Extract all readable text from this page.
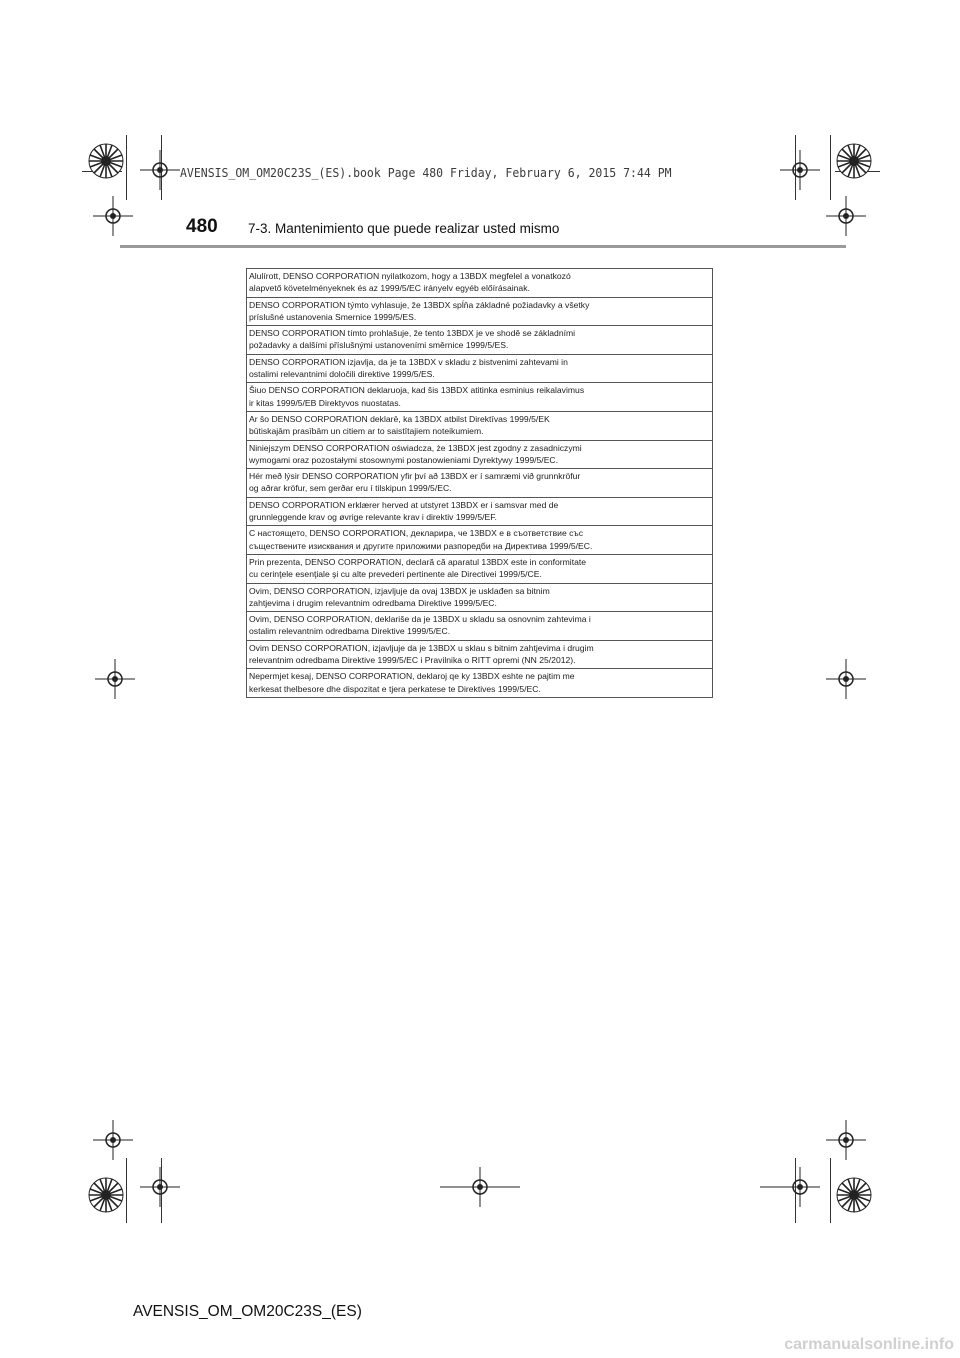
AVENSIS_OM_OM20C23S_(ES).book Page 480 Friday, February 6, 2015 7:44 PM
480 7-3. Mantenimiento que puede realizar usted mismo
Alulírott, DENSO CORPORATION nyilatkozom, hogy a 13BDX megfelel a vonatkozó
alapvető követelményeknek és az 1999/5/EC irányelv egyéb előírásainak.

DENSO CORPORATION týmto vyhlasuje, že 13BDX spĺňa základné požiadavky a všetky
príslušné ustanovenia Smernice 1999/5/ES.

DENSO CORPORATION tímto prohlašuje, že tento 13BDX je ve shodě se základními
požadavky a dalšími příslušnými ustanoveními směrnice 1999/5/ES.

DENSO CORPORATION izjavlja, da je ta 13BDX v skladu z bistvenimi zahtevami in
ostalimi relevantnimi določili direktive 1999/5/ES.

Šiuo DENSO CORPORATION deklaruoja, kad šis 13BDX atitinka esminius reikalavimus
ir kitas 1999/5/EB Direktyvos nuostatas.

Ar šo DENSO CORPORATION deklarē, ka 13BDX atbilst Direktīvas 1999/5/EK
būtiskajām prasībām un citiem ar to saistītajiem noteikumiem.

Niniejszym DENSO CORPORATION oświadcza, że 13BDX jest zgodny z zasadniczymi
wymogami oraz pozostałymi stosownymi postanowieniami Dyrektywy 1999/5/EC.

Hér með lýsir DENSO CORPORATION yfir því að 13BDX er í samræmi við grunnkröfur
og aðrar kröfur, sem gerðar eru í tilskipun 1999/5/EC.

DENSO CORPORATION erklærer herved at utstyret 13BDX er i samsvar med de
grunnleggende krav og øvrige relevante krav i direktiv 1999/5/EF.

С настоящето, DENSO CORPORATION, декларира, че 13BDX е в съответствие със
съществените изисквания и другите приложими разпоредби на Директива 1999/5/EC.

Prin prezenta, DENSO CORPORATION, declară că aparatul 13BDX este in conformitate
cu cerinţele esenţiale şi cu alte prevederi pertinente ale Directivei 1999/5/CE.

Ovim, DENSO CORPORATION, izjavljuje da ovaj 13BDX je usklađen sa bitnim
zahtjevima i drugim relevantnim odredbama Direktive 1999/5/EC.

Ovim, DENSO CORPORATION, deklariše da je 13BDX u skladu sa osnovnim zahtevima i
ostalim relevantnim odredbama Direktive 1999/5/EC.

Ovim DENSO CORPORATION, izjavljuje da je 13BDX u sklau s bitnim zahtjevima i drugim
relevantnim odredbama Direktive 1999/5/EC i Pravilnika o RITT opremi (NN 25/2012).

Nepermjet kesaj, DENSO CORPORATION, deklaroj qe ky 13BDX eshte ne pajtim me
kerkesat thelbesore dhe dispozitat e tjera perkatese te Direktives 1999/5/EC.
AVENSIS_OM_OM20C23S_(ES)
carmanualsonline.info
